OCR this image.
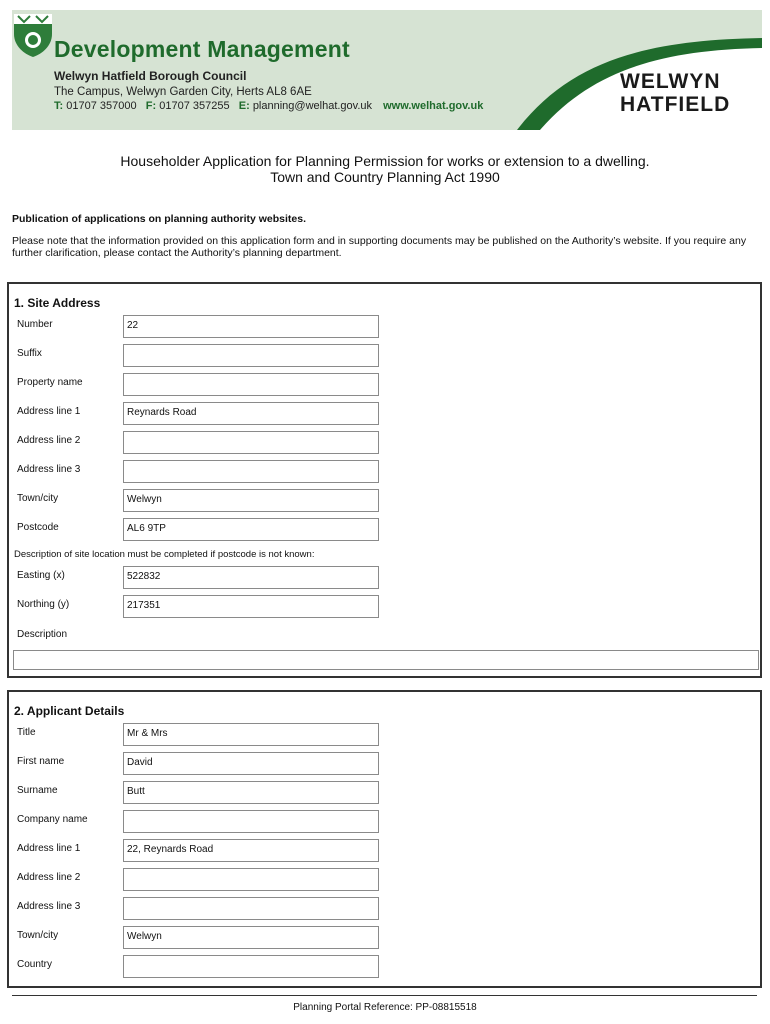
Development Management
Welwyn Hatfield Borough Council
The Campus, Welwyn Garden City, Herts AL8 6AE
T: 01707 357000 F: 01707 357255 E: planning@welhat.gov.uk www.welhat.gov.uk
WELWYN
HATFIELD
Householder Application for Planning Permission for works or extension to a dwelling.
Town and Country Planning Act 1990
Publication of applications on planning authority websites.
Please note that the information provided on this application form and in supporting documents may be published on the Authority’s website. If you require any further clarification, please contact the Authority’s planning department.
1. Site Address
Number	22
Suffix
Property name
Address line 1	Reynards Road
Address line 2
Address line 3
Town/city	Welwyn
Postcode	AL6 9TP
Description of site location must be completed if postcode is not known:
Easting (x)	522832
Northing (y)	217351
Description
2. Applicant Details
Title	Mr & Mrs
First name	David
Surname	Butt
Company name
Address line 1	22, Reynards Road
Address line 2
Address line 3
Town/city	Welwyn
Country
Planning Portal Reference: PP-08815518
